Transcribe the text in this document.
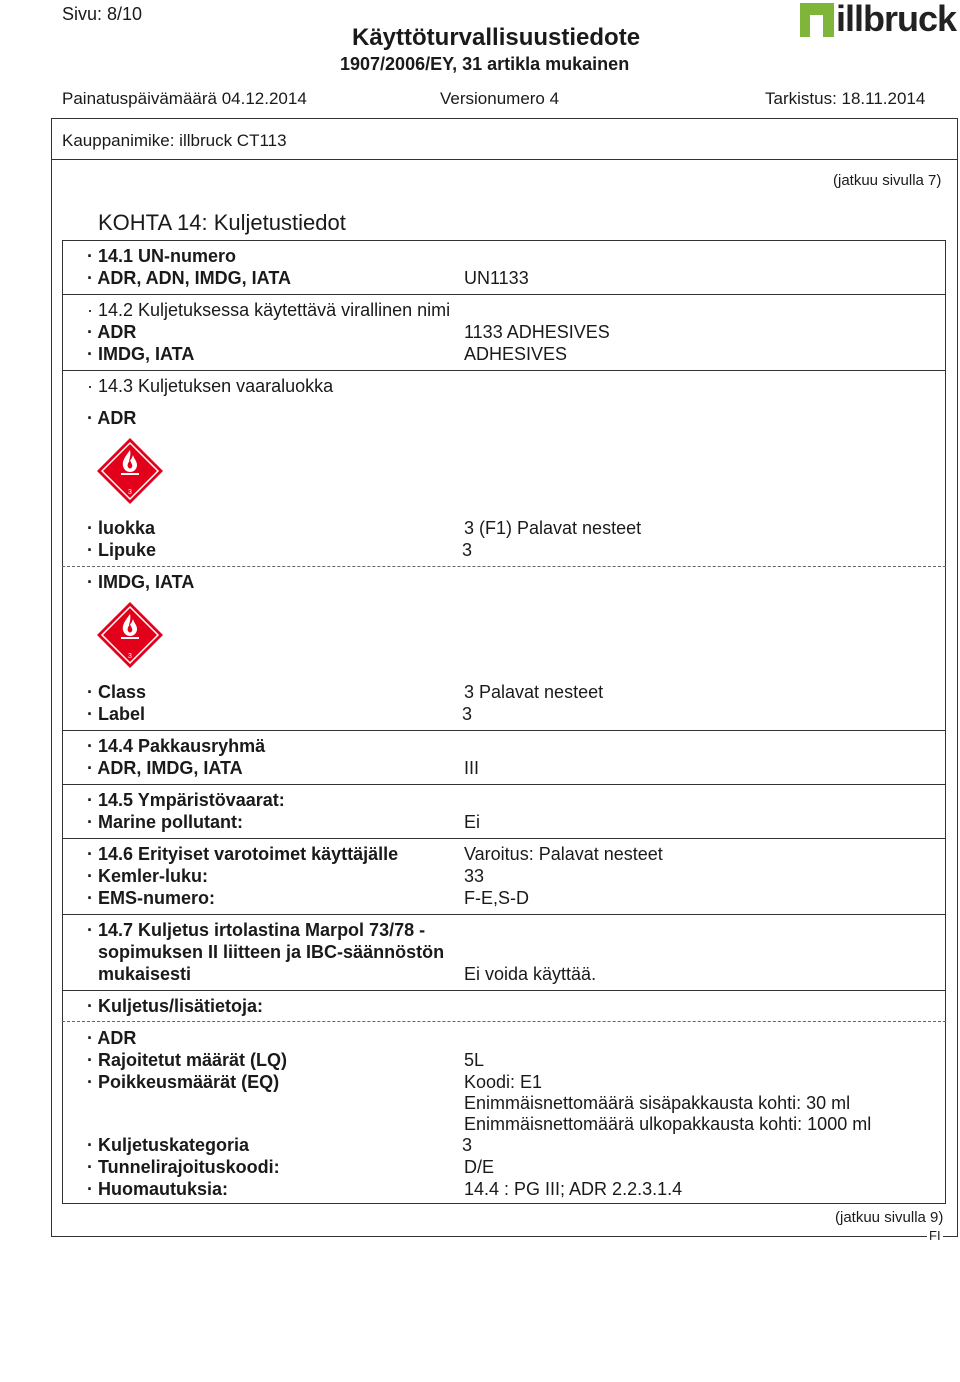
Sivu: 8/10
Käyttöturvallisuustiedote
1907/2006/EY, 31 artikla mukainen
illbruck
Painatuspäivämäärä 04.12.2014	Versionumero 4	Tarkistus: 18.11.2014
Kauppanimike: illbruck CT113
(jatkuu sivulla 7)
KOHTA 14: Kuljetustiedot
· 14.1 UN-numero
· ADR, ADN, IMDG, IATA	UN1133
· 14.2 Kuljetuksessa käytettävä virallinen nimi
· ADR	1133 ADHESIVES
· IMDG, IATA	ADHESIVES
· 14.3 Kuljetuksen vaaraluokka
· ADR
3
· luokka	3 (F1) Palavat nesteet
· Lipuke	3
· IMDG, IATA
3
· Class	3 Palavat nesteet
· Label	3
· 14.4 Pakkausryhmä
· ADR, IMDG, IATA	III
· 14.5 Ympäristövaarat:
· Marine pollutant:	Ei
· 14.6 Erityiset varotoimet käyttäjälle	Varoitus: Palavat nesteet
· Kemler-luku:	33
· EMS-numero:	F-E,S-D
· 14.7 Kuljetus irtolastina Marpol 73/78 -
sopimuksen II liitteen ja IBC-säännöstön
mukaisesti	Ei voida käyttää.
· Kuljetus/lisätietoja:
· ADR
· Rajoitetut määrät (LQ)	5L
· Poikkeusmäärät (EQ)	Koodi: E1
Enimmäisnettomäärä sisäpakkausta kohti: 30 ml
Enimmäisnettomäärä ulkopakkausta kohti: 1000 ml
· Kuljetuskategoria	3
· Tunnelirajoituskoodi:	D/E
· Huomautuksia:	14.4 : PG III; ADR 2.2.3.1.4
(jatkuu sivulla 9)
FI
